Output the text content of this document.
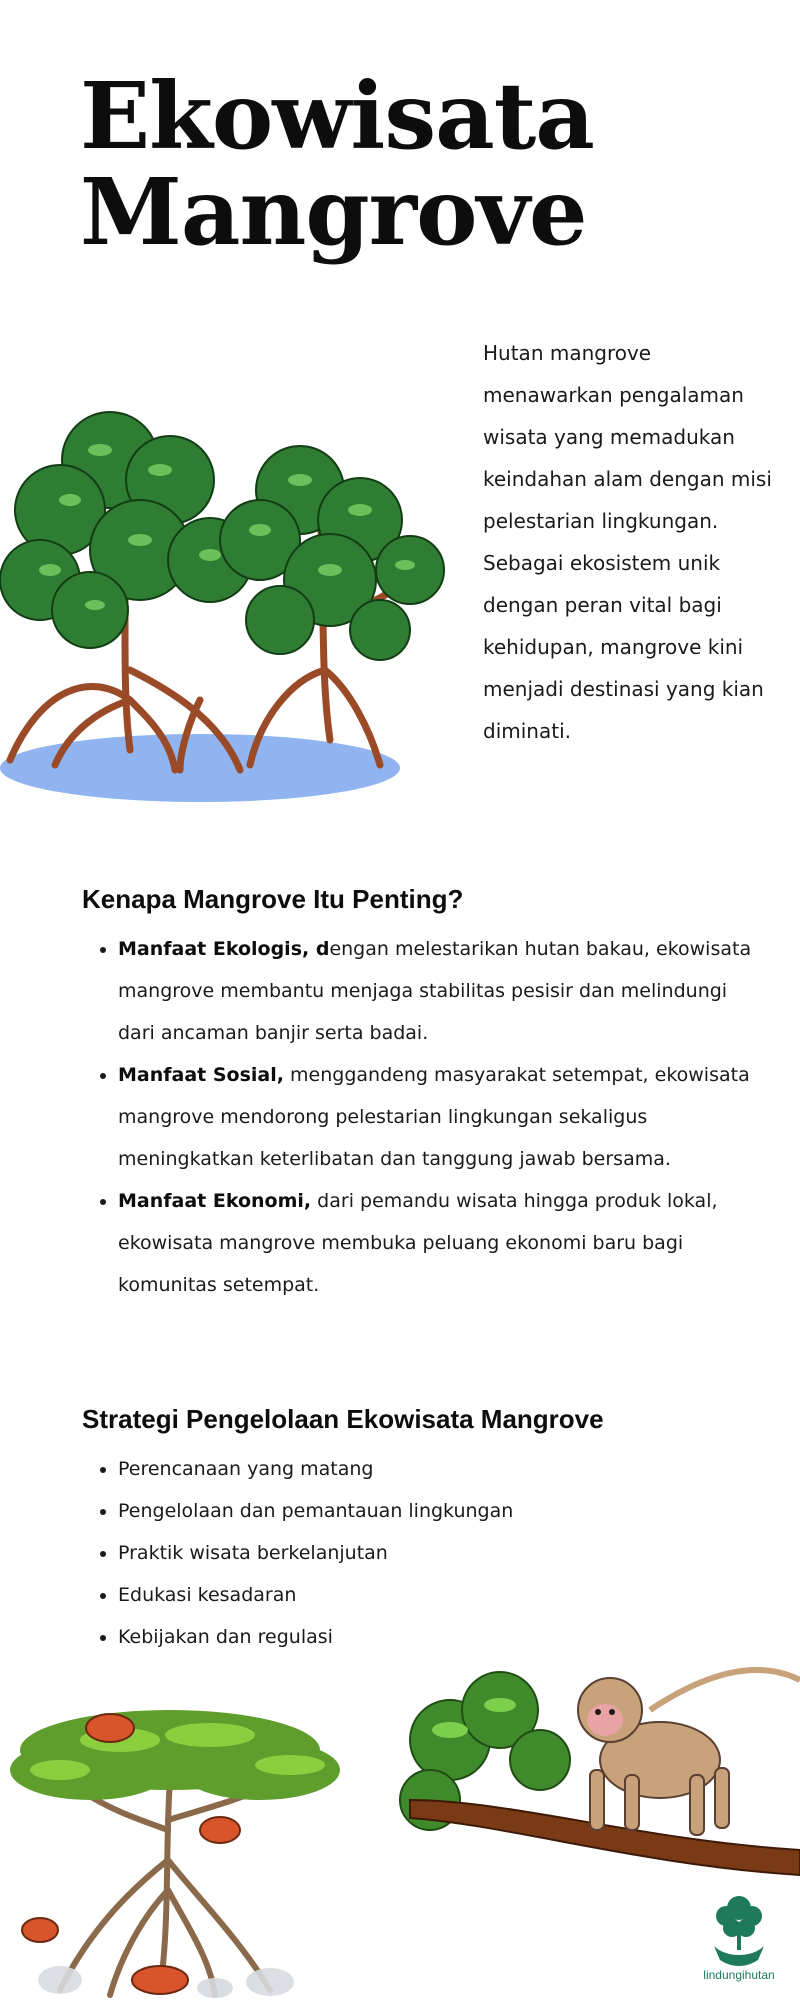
Ekowisata
Mangrove

Hutan mangrove menawarkan pengalaman wisata yang memadukan keindahan alam dengan misi pelestarian lingkungan. Sebagai ekosistem unik dengan peran vital bagi kehidupan, mangrove kini menjadi destinasi yang kian diminati.

Kenapa Mangrove Itu Penting?
• Manfaat Ekologis, dengan melestarikan hutan bakau, ekowisata mangrove membantu menjaga stabilitas pesisir dan melindungi dari ancaman banjir serta badai.
• Manfaat Sosial, menggandeng masyarakat setempat, ekowisata mangrove mendorong pelestarian lingkungan sekaligus meningkatkan keterlibatan dan tanggung jawab bersama.
• Manfaat Ekonomi, dari pemandu wisata hingga produk lokal, ekowisata mangrove membuka peluang ekonomi baru bagi komunitas setempat.
Strategi Pengelolaan Ekowisata Mangrove
• Perencanaan yang matang
• Pengelolaan dan pemantauan lingkungan
• Praktik wisata berkelanjutan
• Edukasi kesadaran
• Kebijakan dan regulasi
lindungihutan
